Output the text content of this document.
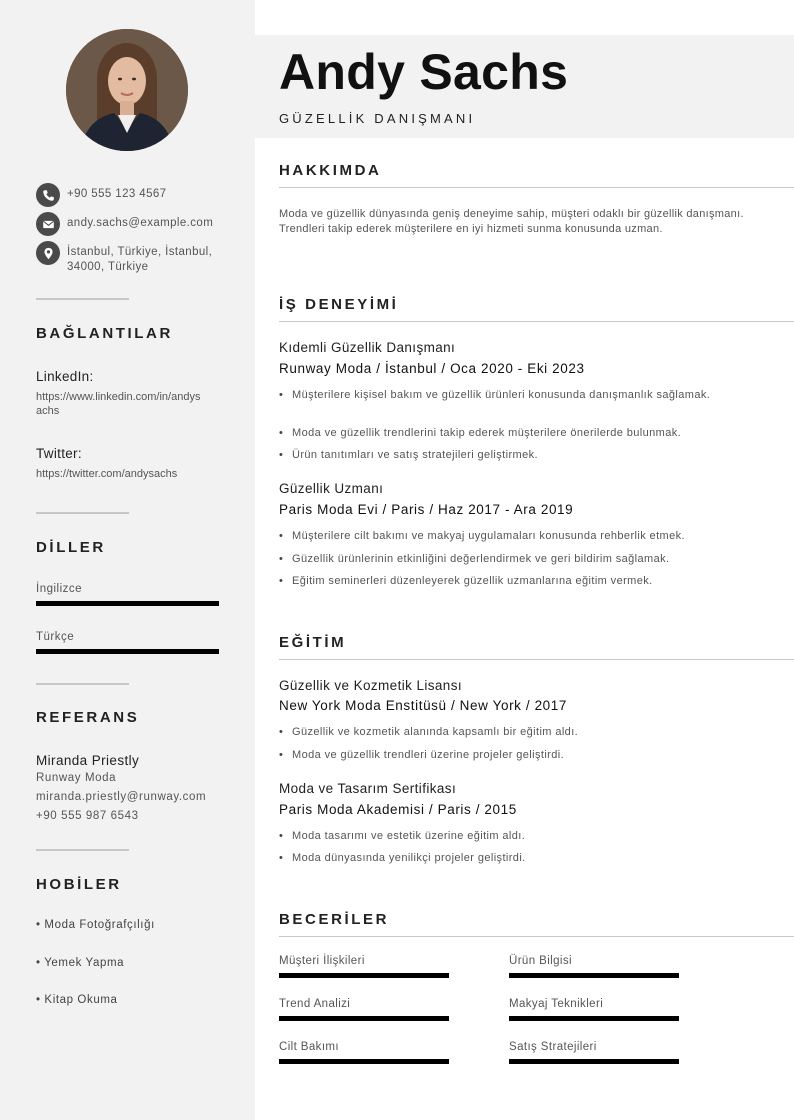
+90 555 123 4567
andy.sachs@example.com
İstanbul, Türkiye, İstanbul,
34000, Türkiye
BAĞLANTILAR
LinkedIn:
https://www.linkedin.com/in/andys
achs
Twitter:
https://twitter.com/andysachs
DİLLER
İngilizce
Türkçe
REFERANS
Miranda Priestly
Runway Moda
miranda.priestly@runway.com
+90 555 987 6543
HOBİLER
• Moda Fotoğrafçılığı
• Yemek Yapma
• Kitap Okuma
Andy Sachs
GÜZELLİK DANIŞMANI
HAKKIMDA
Moda ve güzellik dünyasında geniş deneyime sahip, müşteri odaklı bir güzellik danışmanı. Trendleri takip ederek müşterilere en iyi hizmeti sunma konusunda uzman.
İŞ DENEYİMİ
Kıdemli Güzellik Danışmanı
Runway Moda / İstanbul / Oca 2020 - Eki 2023
• Müşterilere kişisel bakım ve güzellik ürünleri konusunda danışmanlık sağlamak.
• Moda ve güzellik trendlerini takip ederek müşterilere önerilerde bulunmak.
• Ürün tanıtımları ve satış stratejileri geliştirmek.
Güzellik Uzmanı
Paris Moda Evi / Paris / Haz 2017 - Ara 2019
• Müşterilere cilt bakımı ve makyaj uygulamaları konusunda rehberlik etmek.
• Güzellik ürünlerinin etkinliğini değerlendirmek ve geri bildirim sağlamak.
• Eğitim seminerleri düzenleyerek güzellik uzmanlarına eğitim vermek.
EĞİTİM
Güzellik ve Kozmetik Lisansı
New York Moda Enstitüsü / New York / 2017
• Güzellik ve kozmetik alanında kapsamlı bir eğitim aldı.
• Moda ve güzellik trendleri üzerine projeler geliştirdi.
Moda ve Tasarım Sertifikası
Paris Moda Akademisi / Paris / 2015
• Moda tasarımı ve estetik üzerine eğitim aldı.
• Moda dünyasında yenilikçi projeler geliştirdi.
BECERİLER
Müşteri İlişkileri	Ürün Bilgisi
Trend Analizi	Makyaj Teknikleri
Cilt Bakımı	Satış Stratejileri
